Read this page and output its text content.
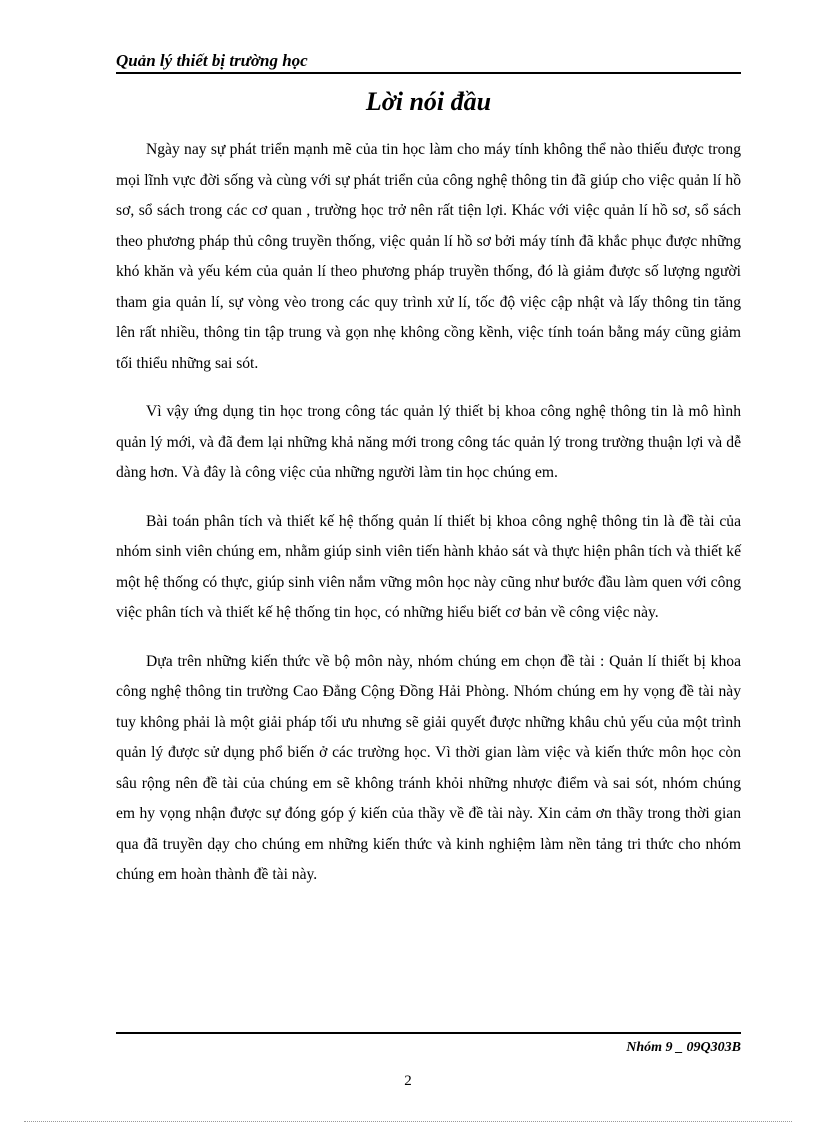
Quản lý thiết bị trường học
Lời nói đầu

Ngày nay sự phát triển mạnh mẽ của tin học làm cho máy tính không thể nào thiếu được trong mọi lĩnh vực đời sống và cùng với sự phát triển của công nghệ thông tin đã giúp cho việc quản lí hồ sơ, sổ sách trong các cơ quan , trường học trở nên rất tiện lợi. Khác với việc quản lí hồ sơ, sổ sách theo phương pháp thủ công truyền thống, việc quản lí hồ sơ bởi máy tính đã khắc phục được những khó khăn và yếu kém của quản lí theo phương pháp truyền thống, đó là giảm được số lượng người tham gia quản lí, sự vòng vèo trong các quy trình xử lí, tốc độ việc cập nhật và lấy thông tin tăng lên rất nhiều, thông tin tập trung và gọn nhẹ không cồng kềnh, việc tính toán bằng máy cũng giảm tối thiểu những sai sót.

Vì vậy ứng dụng tin học trong công tác quản lý thiết bị khoa công nghệ thông tin là mô hình quản lý mới, và đã đem lại những khả năng mới trong công tác quản lý trong trường thuận lợi và dễ dàng hơn. Và đây là công việc của những người làm tin học chúng em.

Bài toán phân tích và thiết kế hệ thống quản lí thiết bị khoa công nghệ thông tin là đề tài của nhóm sinh viên chúng em, nhằm giúp sinh viên tiến hành khảo sát và thực hiện phân tích và thiết kế một hệ thống có thực, giúp sinh viên nắm vững môn học này cũng như bước đầu làm quen với công việc phân tích và thiết kế hệ thống tin học, có những hiểu biết cơ bản về công việc này.

Dựa trên những kiến thức về bộ môn này, nhóm chúng em chọn đề tài : Quản lí thiết bị khoa công nghệ thông tin trường Cao Đẳng Cộng Đồng Hải Phòng. Nhóm chúng em hy vọng đề tài này tuy không phải là một giải pháp tối ưu nhưng sẽ giải quyết được những khâu chủ yếu của một trình quản lý được sử dụng phổ biến ở các trường học. Vì thời gian làm việc và kiến thức môn học còn sâu rộng nên đề tài của chúng em sẽ không tránh khỏi những nhược điểm và sai sót, nhóm chúng em hy vọng nhận được sự đóng góp ý kiến của thầy về đề tài này. Xin cảm ơn thầy trong thời gian qua đã truyền dạy cho chúng em những kiến thức và kinh nghiệm làm nền tảng tri thức cho nhóm chúng em hoàn thành đề tài này.

Nhóm 9 _ 09Q303B
2
